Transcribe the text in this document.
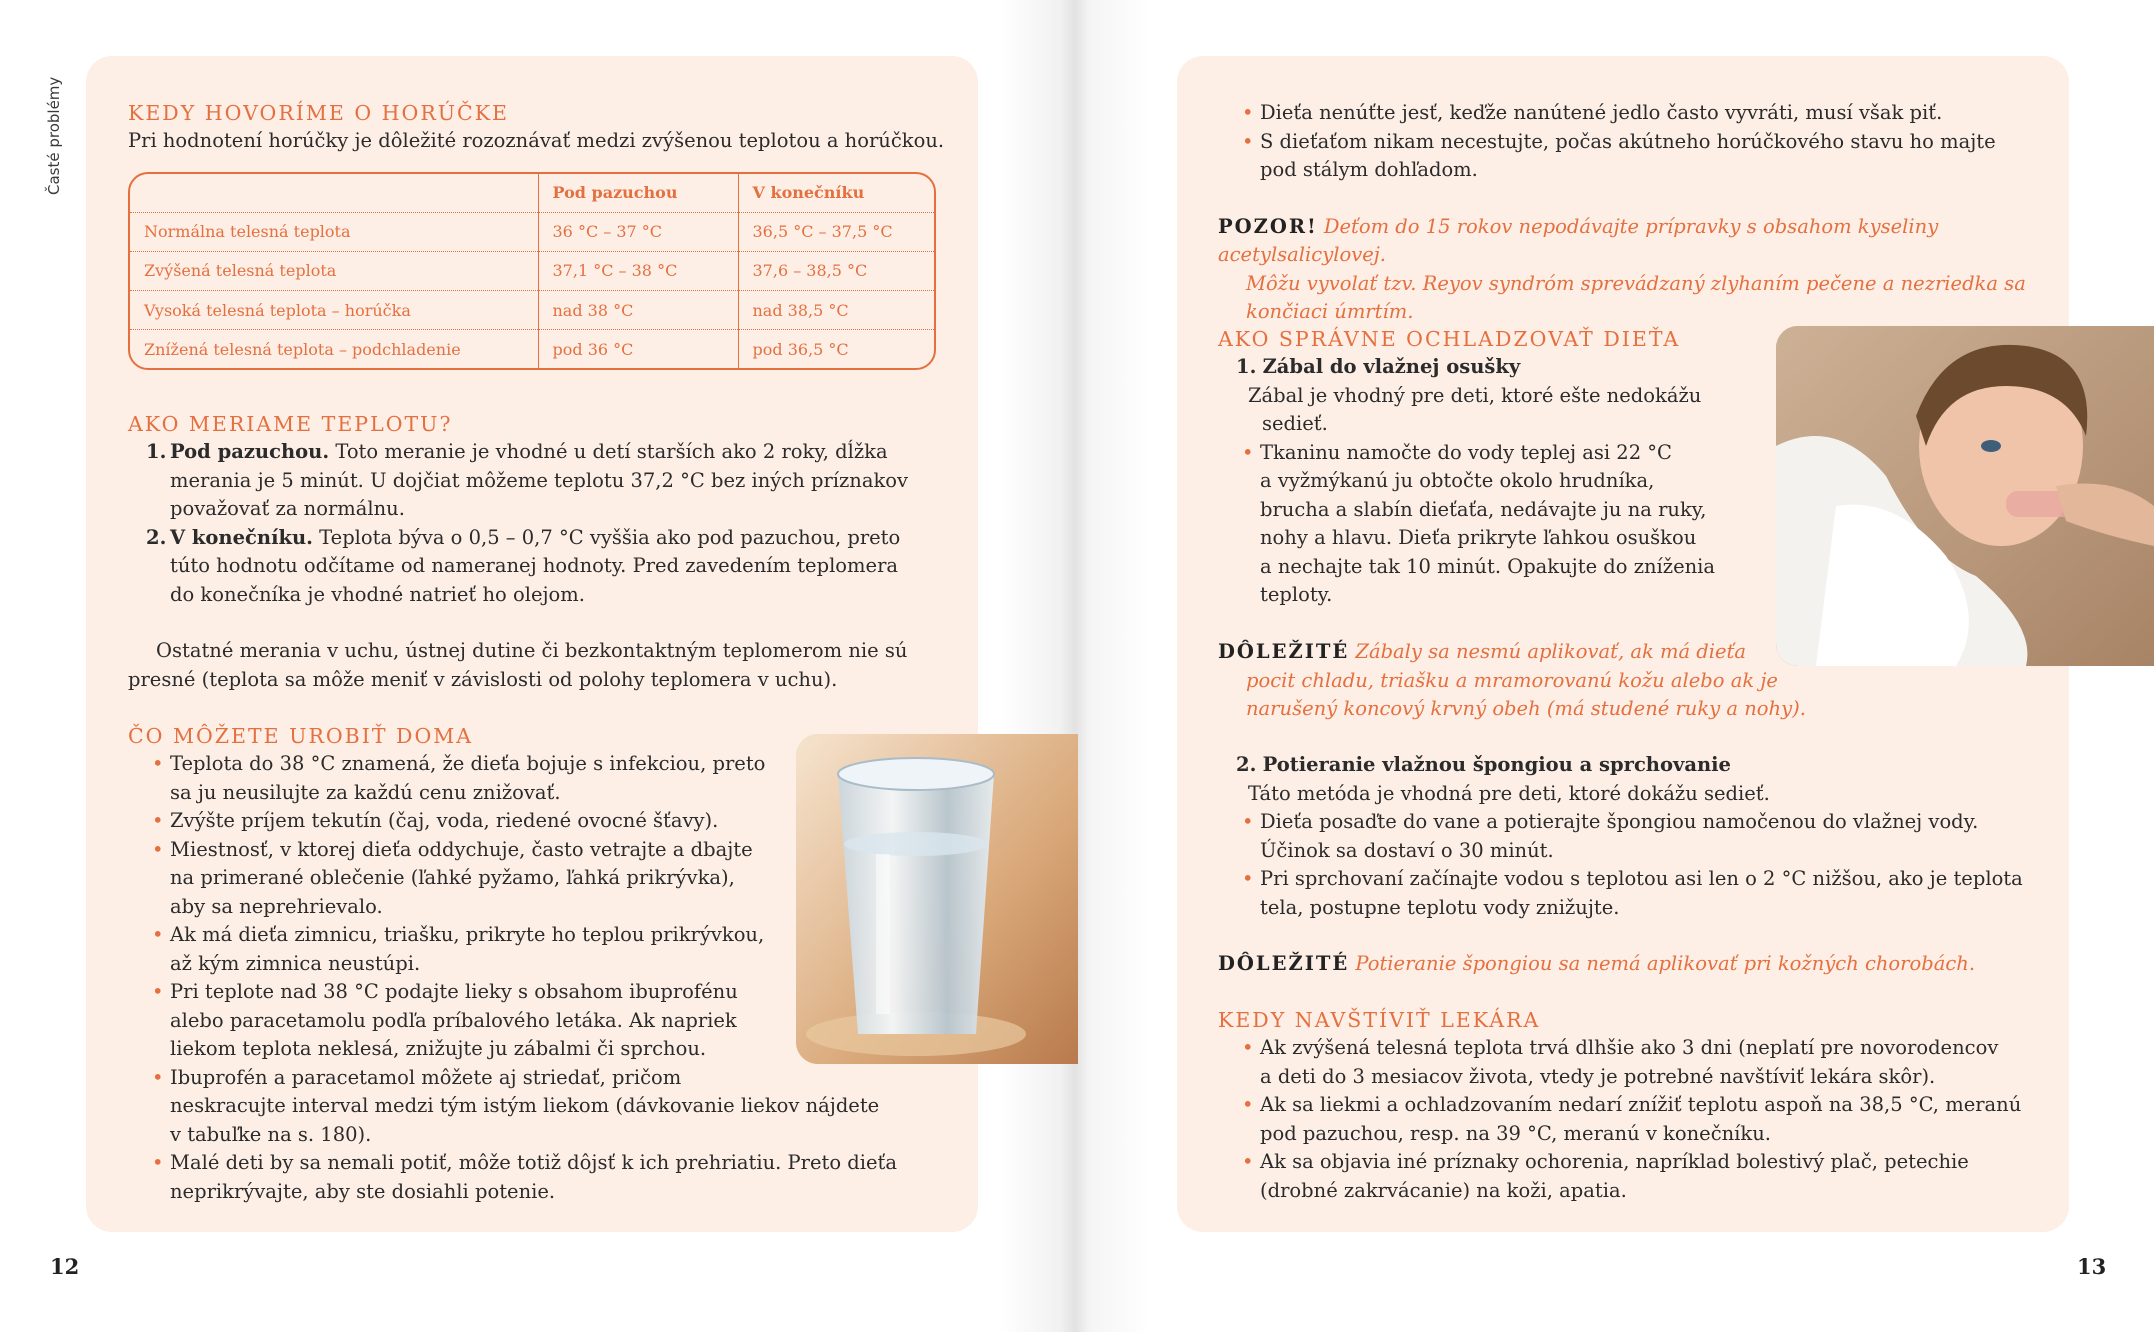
Časté problémy	KEDY HOVORÍME O HORÚČKE
Pri hodnotení horúčky je dôležité rozoznávať medzi zvýšenou teplotou a horúčkou.
	Pod pazuchou	V konečníku
Normálna telesná teplota	36 °C – 37 °C	36,5 °C – 37,5 °C
Zvýšená telesná teplota	37,1 °C – 38 °C	37,6 – 38,5 °C
Vysoká telesná teplota – horúčka	nad 38 °C	nad 38,5 °C
Znížená telesná teplota – podchladenie	pod 36 °C	pod 36,5 °C
AKO MERIAME TEPLOTU?
1. Pod pazuchou. Toto meranie je vhodné u detí starších ako 2 roky, dĺžka
merania je 5 minút. U dojčiat môžeme teplotu 37,2 °C bez iných príznakov
považovať za normálnu.
2. V konečníku. Teplota býva o 0,5 – 0,7 °C vyššia ako pod pazuchou, preto
túto hodnotu odčítame od nameranej hodnoty. Pred zavedením teplomera
do konečníka je vhodné natrieť ho olejom.
Ostatné merania v uchu, ústnej dutine či bezkontaktným teplomerom nie sú
presné (teplota sa môže meniť v závislosti od polohy teplomera v uchu).
ČO MÔŽETE UROBIŤ DOMA
• Teplota do 38 °C znamená, že dieťa bojuje s infekciou, preto
sa ju neusilujte za každú cenu znižovať.
• Zvýšte príjem tekutín (čaj, voda, riedené ovocné šťavy).
• Miestnosť, v ktorej dieťa oddychuje, často vetrajte a dbajte
na primerané oblečenie (ľahké pyžamo, ľahká prikrývka),
aby sa neprehrievalo.
• Ak má dieťa zimnicu, triašku, prikryte ho teplou prikrývkou,
až kým zimnica neustúpi.
• Pri teplote nad 38 °C podajte lieky s obsahom ibuprofénu
alebo paracetamolu podľa príbalového letáka. Ak napriek
liekom teplota neklesá, znižujte ju zábalmi či sprchou.
• Ibuprofén a paracetamol môžete aj striedať, pričom
neskracujte interval medzi tým istým liekom (dávkovanie liekov nájdete
v tabuľke na s. 180).
• Malé deti by sa nemali potiť, môže totiž dôjsť k ich prehriatiu. Preto dieťa
neprikrývajte, aby ste dosiahli potenie.
12
• Dieťa nenúťte jesť, keďže nanútené jedlo často vyvráti, musí však piť.
• S dieťaťom nikam necestujte, počas akútneho horúčkového stavu ho majte
pod stálym dohľadom.
POZOR! Deťom do 15 rokov nepodávajte prípravky s obsahom kyseliny acetylsalicylovej.
Môžu vyvolať tzv. Reyov syndróm sprevádzaný zlyhaním pečene a nezriedka sa
končiaci úmrtím.
AKO SPRÁVNE OCHLADZOVAŤ DIEŤA
1. Zábal do vlažnej osušky
Zábal je vhodný pre deti, ktoré ešte nedokážu
sedieť.
• Tkaninu namočte do vody teplej asi 22 °C
a vyžmýkanú ju obtočte okolo hrudníka,
brucha a slabín dieťaťa, nedávajte ju na ruky,
nohy a hlavu. Dieťa prikryte ľahkou osuškou
a nechajte tak 10 minút. Opakujte do zníženia
teploty.
DÔLEŽITÉ Zábaly sa nesmú aplikovať, ak má dieťa
pocit chladu, triašku a mramorovanú kožu alebo ak je
narušený koncový krvný obeh (má studené ruky a nohy).
2. Potieranie vlažnou špongiou a sprchovanie
Táto metóda je vhodná pre deti, ktoré dokážu sedieť.
• Dieťa posaďte do vane a potierajte špongiou namočenou do vlažnej vody.
Účinok sa dostaví o 30 minút.
• Pri sprchovaní začínajte vodou s teplotou asi len o 2 °C nižšou, ako je teplota
tela, postupne teplotu vody znižujte.
DÔLEŽITÉ Potieranie špongiou sa nemá aplikovať pri kožných chorobách.
KEDY NAVŠTÍVIŤ LEKÁRA
• Ak zvýšená telesná teplota trvá dlhšie ako 3 dni (neplatí pre novorodencov
a deti do 3 mesiacov života, vtedy je potrebné navštíviť lekára skôr).
• Ak sa liekmi a ochladzovaním nedarí znížiť teplotu aspoň na 38,5 °C, meranú
pod pazuchou, resp. na 39 °C, meranú v konečníku.
• Ak sa objavia iné príznaky ochorenia, napríklad bolestivý plač, petechie
(drobné zakrvácanie) na koži, apatia.
13
